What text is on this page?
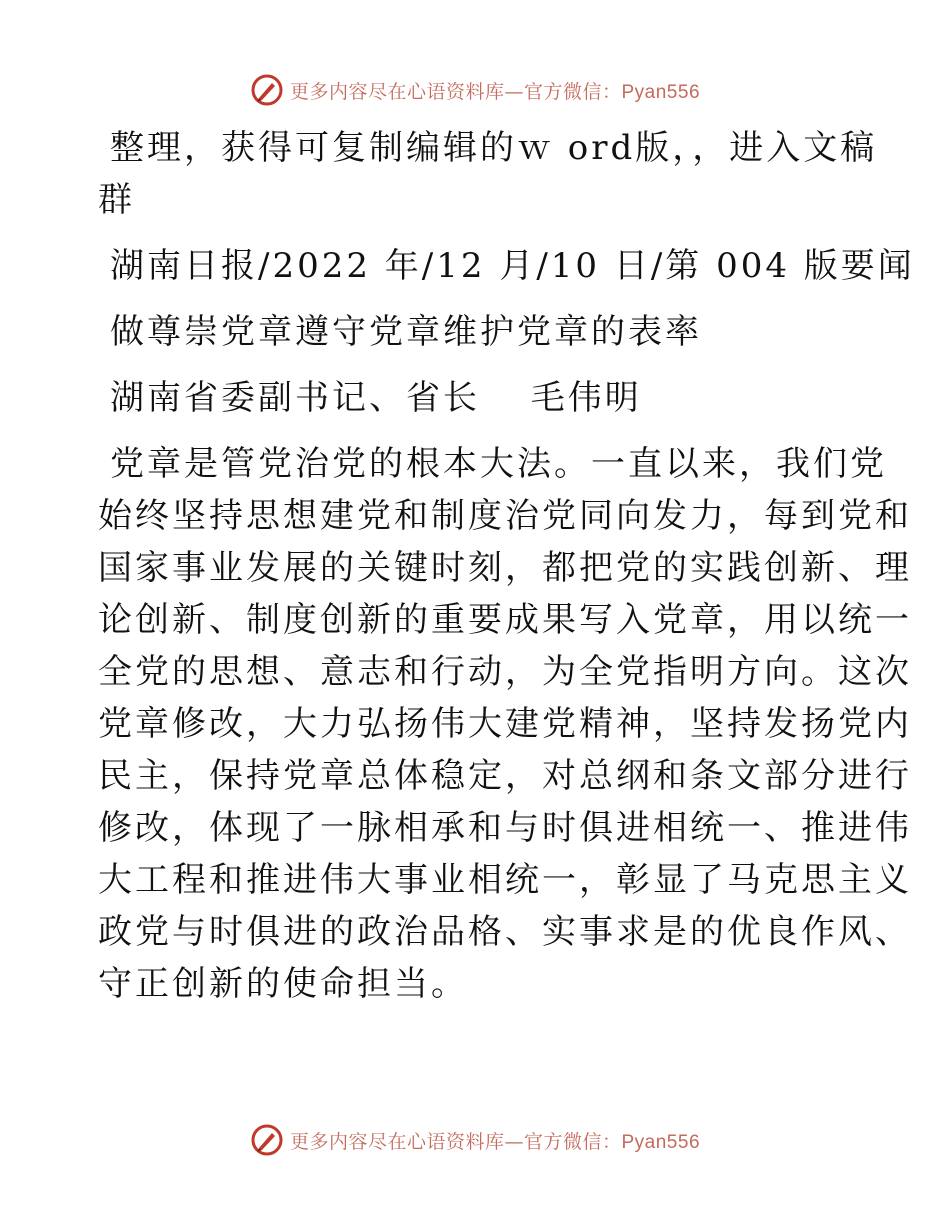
更多内容尽在心语资料库—官方微信：Pyan556
整理，获得可复制编辑的ｗ ord版，，进入文稿
群
湖南日报/2022 年/12 月/10 日/第 004 版要闻
做尊崇党章遵守党章维护党章的表率
湖南省委副书记、省长　 毛伟明
党章是管党治党的根本大法。一直以来，我们党
始终坚持思想建党和制度治党同向发力，每到党和
国家事业发展的关键时刻，都把党的实践创新、理
论创新、制度创新的重要成果写入党章，用以统一
全党的思想、意志和行动，为全党指明方向。这次
党章修改，大力弘扬伟大建党精神，坚持发扬党内
民主，保持党章总体稳定，对总纲和条文部分进行
修改，体现了一脉相承和与时俱进相统一、推进伟
大工程和推进伟大事业相统一，彰显了马克思主义
政党与时俱进的政治品格、实事求是的优良作风、
守正创新的使命担当。
更多内容尽在心语资料库—官方微信：Pyan556
